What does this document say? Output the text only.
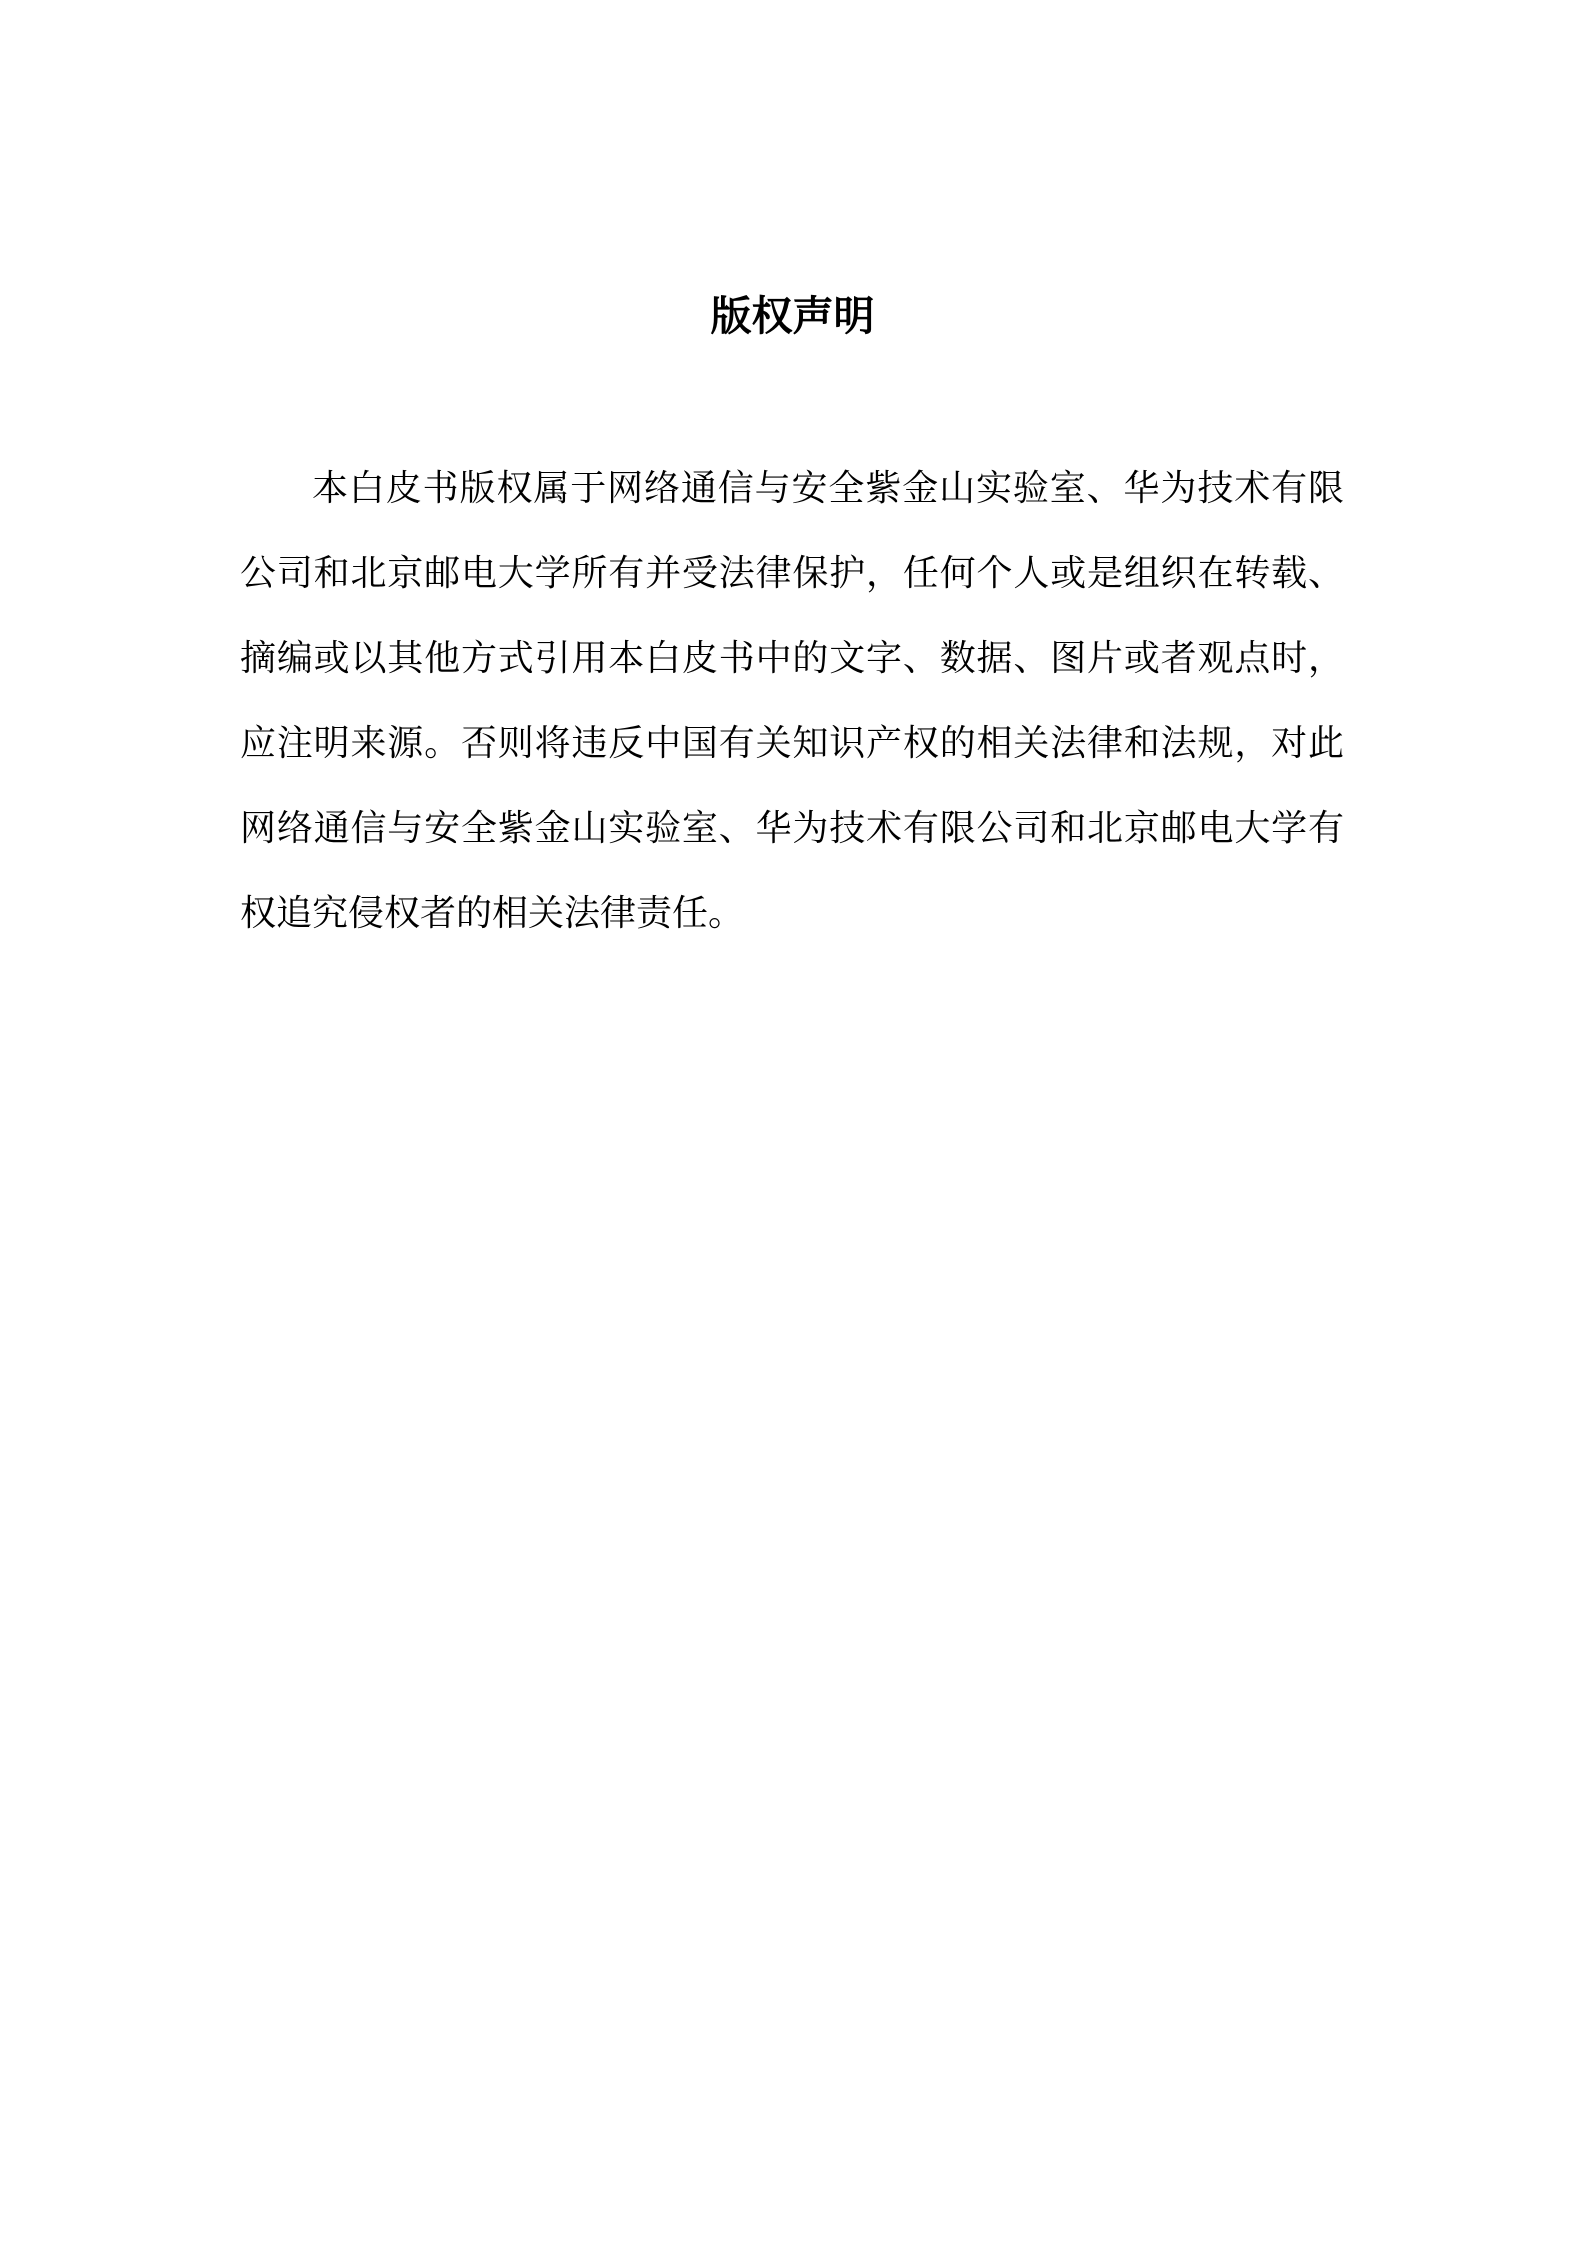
版权声明
本白皮书版权属于网络通信与安全紫金山实验室、华为技术有限
公司和北京邮电大学所有并受法律保护，任何个人或是组织在转载、
摘编或以其他方式引用本白皮书中的文字、数据、图片或者观点时，
应注明来源。否则将违反中国有关知识产权的相关法律和法规，对此
网络通信与安全紫金山实验室、华为技术有限公司和北京邮电大学有
权追究侵权者的相关法律责任。
